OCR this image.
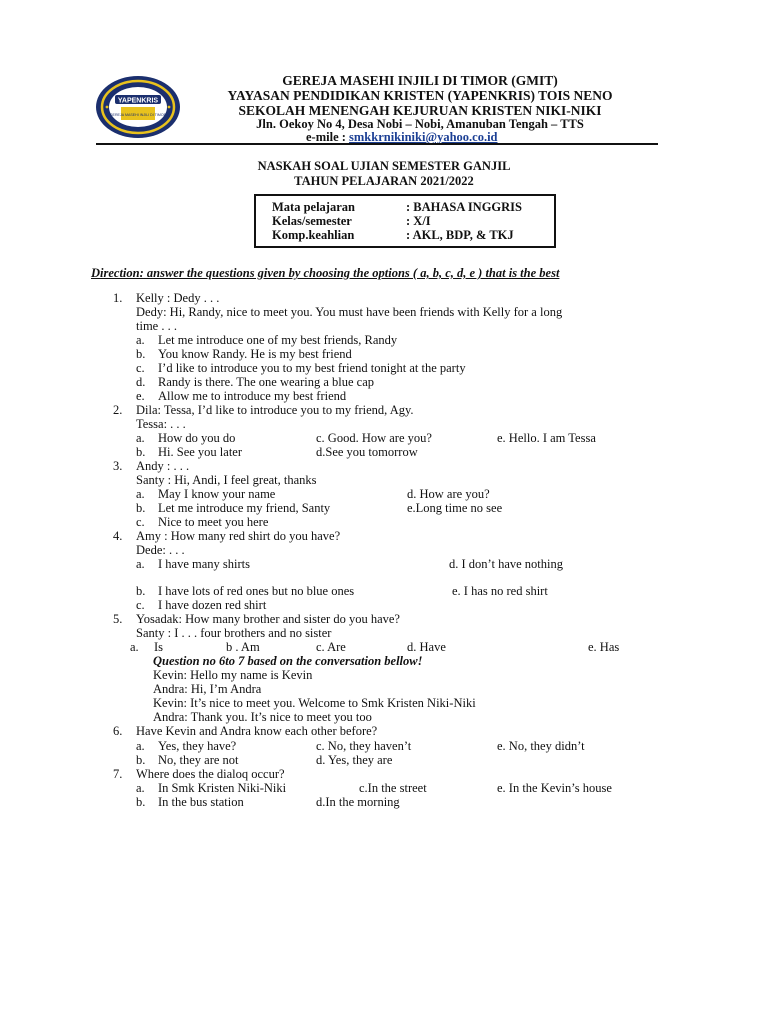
YAPENKRIS
GEREJA MASEHI INJILI DI TIMOR
GEREJA MASEHI INJILI DI TIMOR (GMIT)
YAYASAN PENDIDIKAN KRISTEN (YAPENKRIS) TOIS NENO
SEKOLAH MENENGAH KEJURUAN KRISTEN NIKI-NIKI
Jln. Oekoy No 4, Desa Nobi – Nobi, Amanuban Tengah – TTS
e-mile : smkkrnikiniki@yahoo.co.id
NASKAH SOAL UJIAN SEMESTER GANJIL
TAHUN PELAJARAN 2021/2022
Mata pelajaran	: BAHASA INGGRIS
Kelas/semester	: X/I
Komp.keahlian	: AKL, BDP, & TKJ
Direction: answer the questions given by choosing the options ( a, b, c, d, e ) that is the best
1. Kelly : Dedy . . .
Dedy: Hi, Randy, nice to meet you. You must have been friends with Kelly for a long
time . . .
a. Let me introduce one of my best friends, Randy
b. You know Randy. He is my best friend
c. I’d like to introduce you to my best friend tonight at the party
d. Randy is there. The one wearing a blue cap
e. Allow me to introduce my best friend
2. Dila: Tessa, I’d like to introduce you to my friend, Agy.
Tessa: . . .
a. How do you do	c. Good. How are you?	e. Hello. I am Tessa
b. Hi. See you later	d.See you tomorrow
3. Andy : . . .
Santy : Hi, Andi, I feel great, thanks
a. May I know your name	d. How are you?
b. Let me introduce my friend, Santy	e.Long time no see
c. Nice to meet you here
4. Amy : How many red shirt do you have?
Dede: . . .
a. I have many shirts	d. I don’t have nothing
b. I have lots of red ones but no blue ones	e. I has no red shirt
c. I have dozen red shirt
5. Yosadak: How many brother and sister do you have?
Santy : I . . . four brothers and no sister
a. Is	b . Am	c. Are	d. Have	e. Has
Question no 6to 7 based on the conversation bellow!
Kevin: Hello my name is Kevin
Andra: Hi, I’m Andra
Kevin: It’s nice to meet you. Welcome to Smk Kristen Niki-Niki
Andra: Thank you. It’s nice to meet you too
6. Have Kevin and Andra know each other before?
a. Yes, they have?	c. No, they haven’t	e. No, they didn’t
b. No, they are not	d. Yes, they are
7. Where does the dialoq occur?
a. In Smk Kristen Niki-Niki	c.In the street	e. In the Kevin’s house
b. In the bus station	d.In the morning
